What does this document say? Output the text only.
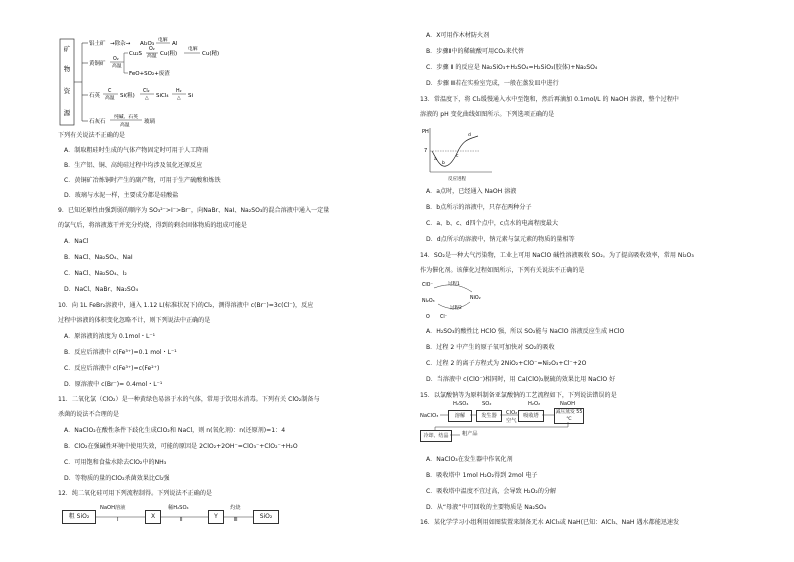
矿
物
资
源
铝土矿 →除杂→ Al₂O₃
电解
Al
黄铜矿
O₂
高温
Cu₂S
O₂
高温 Cu(粗)
电解
Cu(精)
FeO+SO₂+废渣
石英
C
高温 Si(粗)
Cl₂
△ SiCl₄
H₂
△ Si
石灰石
纯碱、石英
高温
玻璃
下列有关说法不正确的是
A．制取粗硅时生成的气体产物固定时可用于人工降雨
B．生产铝、铜、高纯硅过程中均涉及氧化还原反应
C．黄铜矿冶炼铜时产生的副产物，可用于生产硫酸和炼铁
D．玻璃与水泥一样，主要成分都是硅酸盐
9．已知还原性由强到弱的顺序为 SO₃²⁻>I⁻>Br⁻，向NaBr、NaI、Na₂SO₃的混合溶液中通入一定量
的氯气后，将溶液蒸干并充分灼烧，得到的剩余固体物质的组成可能是
A．NaCl
B．NaCl、Na₂SO₄、NaI
C．NaCl、Na₂SO₄、I₂
D．NaCl、NaBr、Na₂SO₄
10．向 1L FeBr₂溶液中，通入 1.12 L(标准状况下)的Cl₂，测得溶液中 c(Br⁻)=3c(Cl⁻)，反应
过程中溶液的体积变化忽略不计，则下列说法中正确的是
A．原溶液的浓度为 0.1mol・L⁻¹
B．反应后溶液中 c(Fe³⁺)=0.1 mol・L⁻¹
C．反应后溶液中 c(Fe³⁺)=c(Fe²⁺)
D．原溶液中 c(Br⁻)= 0.4mol・L⁻¹
11．二氧化氯（ClO₂）是一种黄绿色易溶于水的气体，常用于饮用水消毒。下列有关 ClO₂制备与
杀菌的说法不合理的是
A．NaClO₂在酸性条件下歧化生成ClO₂和 NaCl，则 n(氧化剂)：n(还原剂)=1：4
B．ClO₂在强碱性环境中使用失效，可能的原因是 2ClO₂+2OH⁻=ClO₃⁻+ClO₂⁻+H₂O
C．可用饱和食盐水除去ClO₂中的NH₃
D．等物质的量的ClO₂杀菌效果比Cl₂强
12．纯二氧化硅可用下列流程制得。下列说法不正确的是
粗 SiO₂
NaOH溶液
Ⅰ	X
稀H₂SO₄
Ⅱ	Y
灼烧
Ⅲ	SiO₂
A．X可用作木材防火剂
B．步骤Ⅱ中的稀硫酸可用CO₂来代替
C．步骤 Ⅱ 的反应是 Na₂SiO₃+H₂SO₄=H₂SiO₃(胶体)+Na₂SO₄
D．步骤 Ⅲ若在实验室完成，一般在蒸发皿中进行
13．常温度下，将 Cl₂缓慢通入水中至饱和，然后再滴加 0.1mol/L 的 NaOH 溶液，整个过程中
溶液的 pH 变化曲线如图所示。下列选项正确的是
PH
7
a
b
c
d
反应进程
A．a点时，已经通入 NaOH 溶液
B．b点所示的溶液中，只存在两种分子
C．a、b、c、d四个点中，c点水的电离程度最大
D．d点所示的溶液中，钠元素与氯元素的物质的量相等
14．SO₂是一种大气污染物，工业上可用 NaClO 碱性溶液吸收 SO₂。为了提高吸收效率，常用 Ni₂O₃
作为催化剂。该催化过程如图所示，下列有关说法不正确的是
ClO⁻	过程1
NiO₂
Ni₂O₃
过程2
O Cl⁻
A．H₂SO₃的酸性比 HClO 强，所以 SO₂能与 NaClO 溶液反应生成 HClO
B．过程 2 中产生的原子氧可加快对 SO₂的吸收
C．过程 2 的离子方程式为 2NiO₂+ClO⁻=Ni₂O₃+Cl⁻+2O
D．当溶液中 c(ClO⁻)相同时，用 Ca(ClO)₂脱硫的效果比用 NaClO 好
15．以氯酸钠等为原料制备亚氯酸钠的工艺流程如下，下列说法错误的是
NaClO₃
H₂SO₄
溶解
SO₂
发生器	ClO₂
空气
吸收塔
H₂O₂	NaOH
减压蒸发 55 ℃
冷却、结晶	粗产品
A．NaClO₃在发生器中作氧化剂
B．吸收塔中 1mol H₂O₂得到 2mol 电子
C．吸收塔中温度不宜过高，会导致 H₂O₂的分解
D．从“母液”中可回收的主要物质是 Na₂SO₄
16．某化学学习小组利用如图装置来制备无水 AlCl₃或 NaH(已知：AlCl₃、NaH 遇水都能迅速发
